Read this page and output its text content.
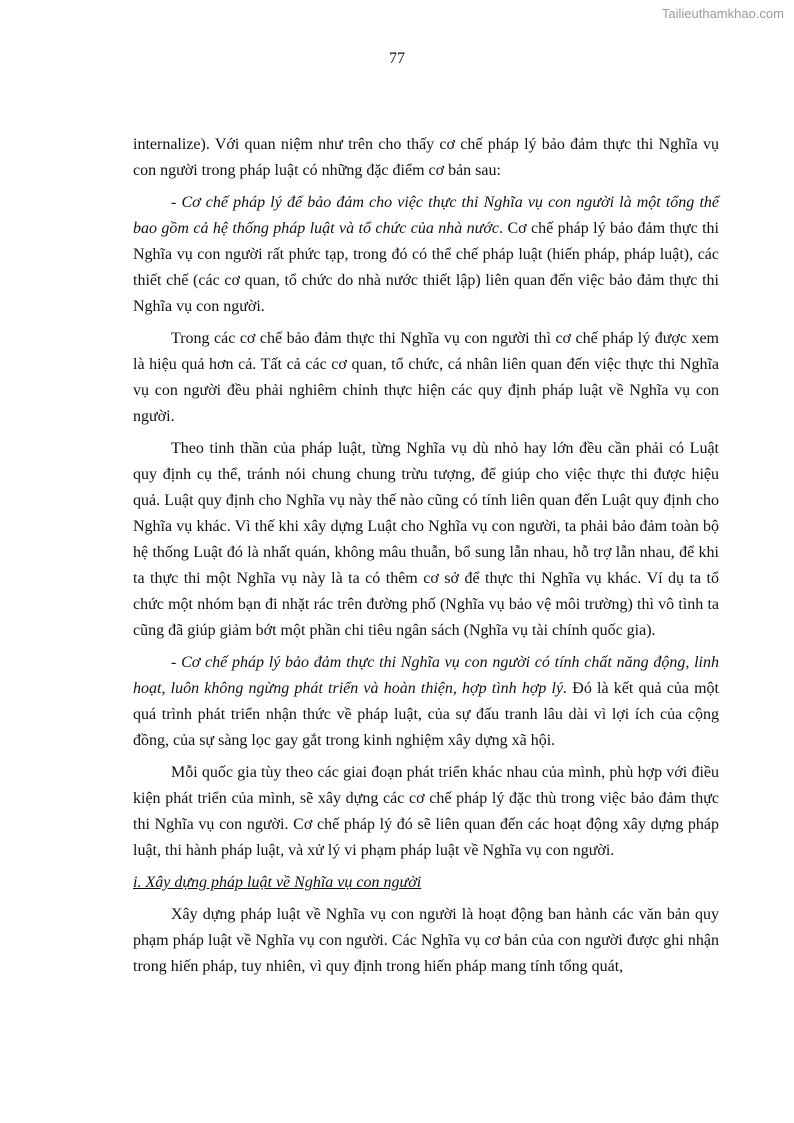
Tailieuthamkhao.com
77

internalize). Với quan niệm như trên cho thấy cơ chế pháp lý bảo đảm thực thi Nghĩa vụ con người trong pháp luật có những đặc điểm cơ bản sau:

- Cơ chế pháp lý để bảo đảm cho việc thực thi Nghĩa vụ con người là một tổng thể bao gồm cả hệ thống pháp luật và tổ chức của nhà nước. Cơ chế pháp lý bảo đảm thực thi Nghĩa vụ con người rất phức tạp, trong đó có thể chế pháp luật (hiến pháp, pháp luật), các thiết chế (các cơ quan, tổ chức do nhà nước thiết lập) liên quan đến việc bảo đảm thực thi Nghĩa vụ con người.

Trong các cơ chế bảo đảm thực thi Nghĩa vụ con người thì cơ chế pháp lý được xem là hiệu quả hơn cả. Tất cả các cơ quan, tổ chức, cá nhân liên quan đến việc thực thi Nghĩa vụ con người đều phải nghiêm chỉnh thực hiện các quy định pháp luật về Nghĩa vụ con người.

Theo tinh thần của pháp luật, từng Nghĩa vụ dù nhỏ hay lớn đều cần phải có Luật quy định cụ thể, tránh nói chung chung trừu tượng, để giúp cho việc thực thi được hiệu quả. Luật quy định cho Nghĩa vụ này thế nào cũng có tính liên quan đến Luật quy định cho Nghĩa vụ khác. Vì thế khi xây dựng Luật cho Nghĩa vụ con người, ta phải bảo đảm toàn bộ hệ thống Luật đó là nhất quán, không mâu thuẫn, bổ sung lẫn nhau, hỗ trợ lẫn nhau, để khi ta thực thi một Nghĩa vụ này là ta có thêm cơ sở để thực thi Nghĩa vụ khác. Ví dụ ta tổ chức một nhóm bạn đi nhặt rác trên đường phố (Nghĩa vụ bảo vệ môi trường) thì vô tình ta cũng đã giúp giảm bớt một phần chi tiêu ngân sách (Nghĩa vụ tài chính quốc gia).

- Cơ chế pháp lý bảo đảm thực thi Nghĩa vụ con người có tính chất năng động, linh hoạt, luôn không ngừng phát triển và hoàn thiện, hợp tình hợp lý. Đó là kết quả của một quá trình phát triển nhận thức về pháp luật, của sự đấu tranh lâu dài vì lợi ích của cộng đồng, của sự sàng lọc gay gắt trong kinh nghiệm xây dựng xã hội.

Mỗi quốc gia tùy theo các giai đoạn phát triển khác nhau của mình, phù hợp với điều kiện phát triển của mình, sẽ xây dựng các cơ chế pháp lý đặc thù trong việc bảo đảm thực thi Nghĩa vụ con người. Cơ chế pháp lý đó sẽ liên quan đến các hoạt động xây dựng pháp luật, thi hành pháp luật, và xử lý vi phạm pháp luật về Nghĩa vụ con người.

i. Xây dựng pháp luật về Nghĩa vụ con người

Xây dựng pháp luật về Nghĩa vụ con người là hoạt động ban hành các văn bản quy phạm pháp luật về Nghĩa vụ con người. Các Nghĩa vụ cơ bản của con người được ghi nhận trong hiến pháp, tuy nhiên, vì quy định trong hiến pháp mang tính tổng quát,
